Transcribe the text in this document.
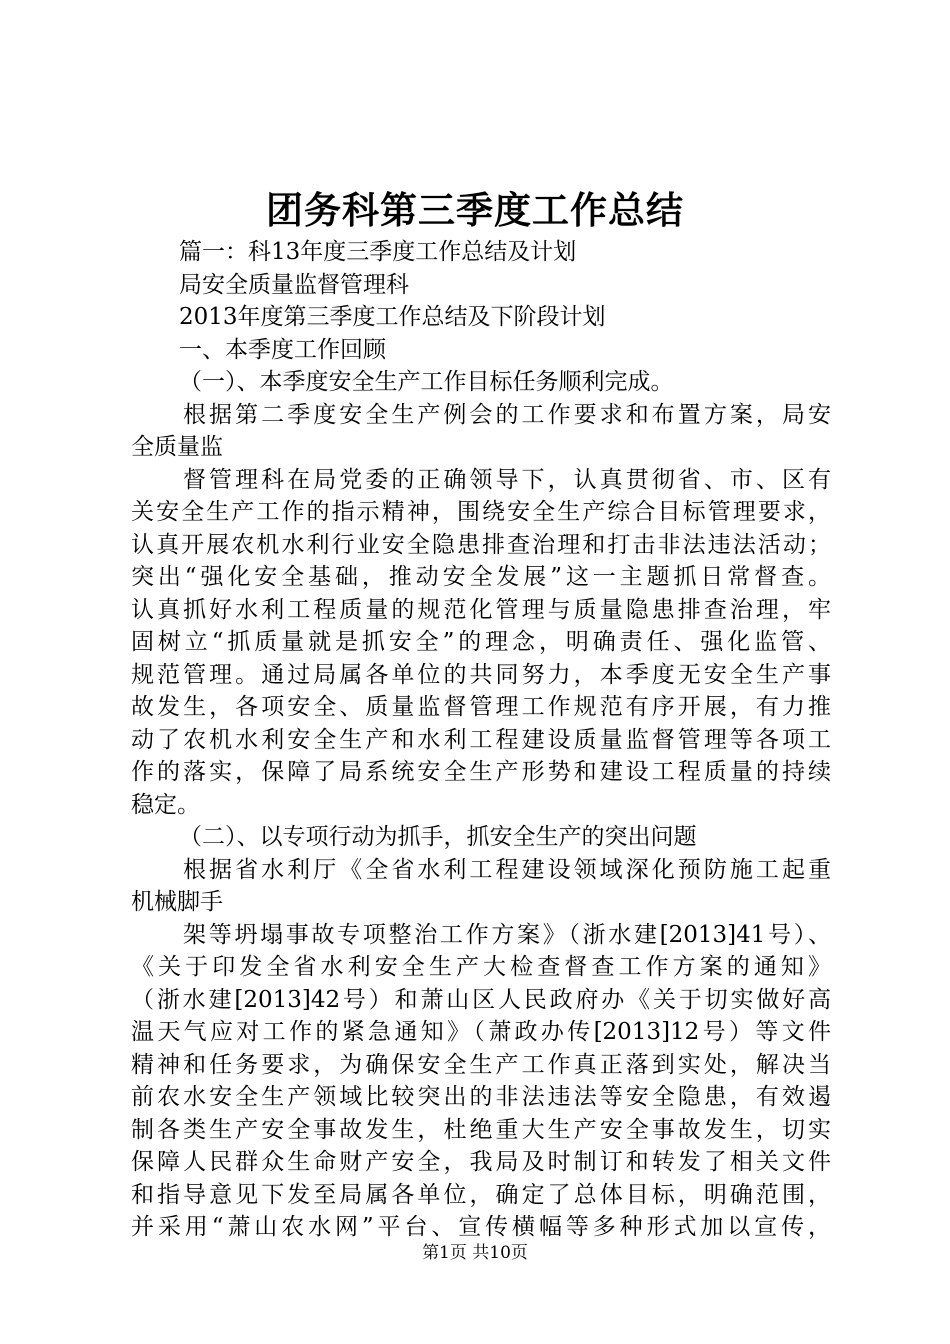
团务科第三季度工作总结
篇一：科13年度三季度工作总结及计划
局安全质量监督管理科
2013年度第三季度工作总结及下阶段计划
一、本季度工作回顾
（一）、本季度安全生产工作目标任务顺利完成。
根据第二季度安全生产例会的工作要求和布置方案，局安
全质量监
督管理科在局党委的正确领导下，认真贯彻省、市、区有
关安全生产工作的指示精神，围绕安全生产综合目标管理要求，
认真开展农机水利行业安全隐患排查治理和打击非法违法活动；
突出“强化安全基础，推动安全发展”这一主题抓日常督查。
认真抓好水利工程质量的规范化管理与质量隐患排查治理，牢
固树立“抓质量就是抓安全”的理念，明确责任、强化监管、
规范管理。通过局属各单位的共同努力，本季度无安全生产事
故发生，各项安全、质量监督管理工作规范有序开展，有力推
动了农机水利安全生产和水利工程建设质量监督管理等各项工
作的落实，保障了局系统安全生产形势和建设工程质量的持续
稳定。
（二）、以专项行动为抓手，抓安全生产的突出问题
根据省水利厅《全省水利工程建设领域深化预防施工起重
机械脚手
架等坍塌事故专项整治工作方案》（浙水建[2013]41号）、
《关于印发全省水利安全生产大检查督查工作方案的通知》
（浙水建[2013]42号）和萧山区人民政府办《关于切实做好高
温天气应对工作的紧急通知》（萧政办传[2013]12号）等文件
精神和任务要求，为确保安全生产工作真正落到实处，解决当
前农水安全生产领域比较突出的非法违法等安全隐患，有效遏
制各类生产安全事故发生，杜绝重大生产安全事故发生，切实
保障人民群众生命财产安全，我局及时制订和转发了相关文件
和指导意见下发至局属各单位，确定了总体目标，明确范围，
并采用“萧山农水网”平台、宣传横幅等多种形式加以宣传，
第1页 共10页
